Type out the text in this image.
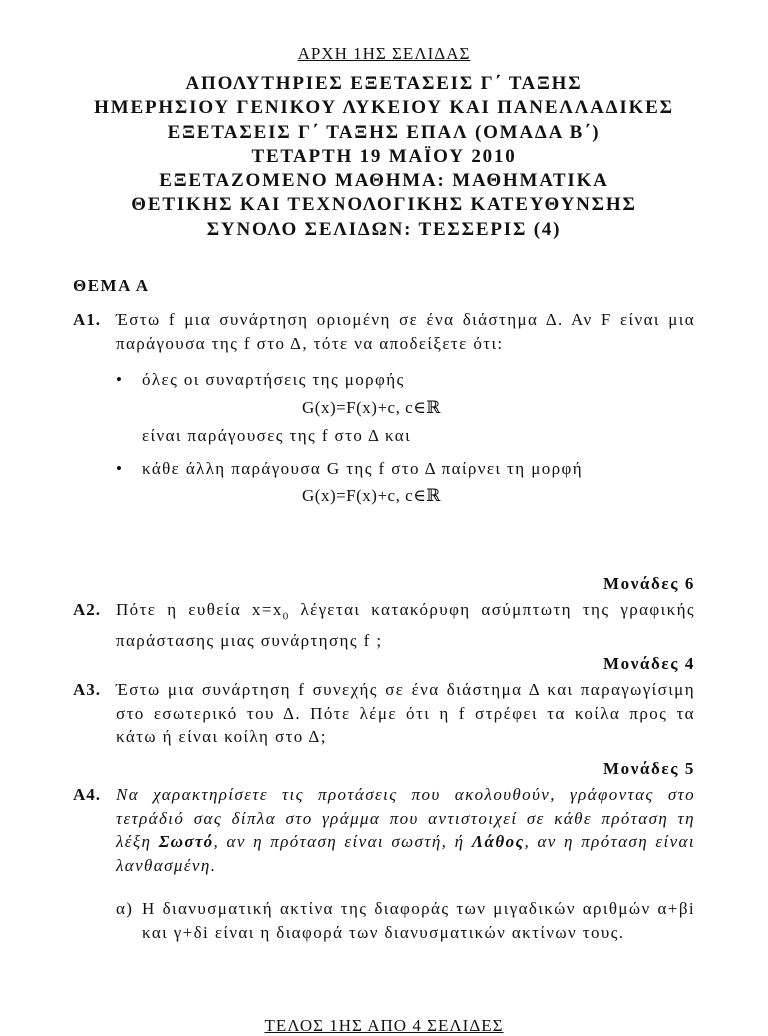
ΑΡΧΗ 1ΗΣ ΣΕΛΙΔΑΣ
ΑΠΟΛΥΤΗΡΙΕΣ ΕΞΕΤΑΣΕΙΣ Γ΄ ΤΑΞΗΣ
ΗΜΕΡΗΣΙΟΥ ΓΕΝΙΚΟΥ ΛΥΚΕΙΟΥ ΚΑΙ ΠΑΝΕΛΛΑΔΙΚΕΣ
ΕΞΕΤΑΣΕΙΣ Γ΄ ΤΑΞΗΣ ΕΠΑΛ (ΟΜΑΔΑ Β΄)
ΤΕΤΑΡΤΗ 19 ΜΑΪΟΥ 2010
ΕΞΕΤΑΖΟΜΕΝΟ ΜΑΘΗΜΑ: ΜΑΘΗΜΑΤΙΚΑ
ΘΕΤΙΚΗΣ ΚΑΙ ΤΕΧΝΟΛΟΓΙΚΗΣ ΚΑΤΕΥΘΥΝΣΗΣ
ΣΥΝΟΛΟ ΣΕΛΙΔΩΝ: ΤΕΣΣΕΡΙΣ (4)
ΘΕΜΑ Α
Α1. Έστω f μια συνάρτηση οριομένη σε ένα διάστημα Δ. Αν F είναι μια παράγουσα της f στο Δ, τότε να αποδείξετε ότι:
•	όλες οι συναρτήσεις της μορφής
G(x)=F(x)+c, c∈ℝ
είναι παράγουσες της f στο Δ και
•	κάθε άλλη παράγουσα G της f στο Δ παίρνει τη μορφή
G(x)=F(x)+c, c∈ℝ
Μονάδες 6
Α2. Πότε η ευθεία $x=x_0$ λέγεται κατακόρυφη ασύμπτωτη της γραφικής παράστασης μιας συνάρτησης f ;
Μονάδες 4
Α3. Έστω μια συνάρτηση f συνεχής σε ένα διάστημα Δ και παραγωγίσιμη στο εσωτερικό του Δ. Πότε λέμε ότι η f στρέφει τα κοίλα προς τα κάτω ή είναι κοίλη στο Δ;
Μονάδες 5
Α4. Να χαρακτηρίσετε τις προτάσεις που ακολουθούν, γράφοντας στο τετράδιό σας δίπλα στο γράμμα που αντιστοιχεί σε κάθε πρόταση τη λέξη Σωστό, αν η πρόταση είναι σωστή, ή Λάθος, αν η πρόταση είναι λανθασμένη.
α) Η διανυσματική ακτίνα της διαφοράς των μιγαδικών αριθμών α+βi και γ+δi είναι η διαφορά των διανυσματικών ακτίνων τους.
ΤΕΛΟΣ 1ΗΣ ΑΠΟ 4 ΣΕΛΙΔΕΣ
